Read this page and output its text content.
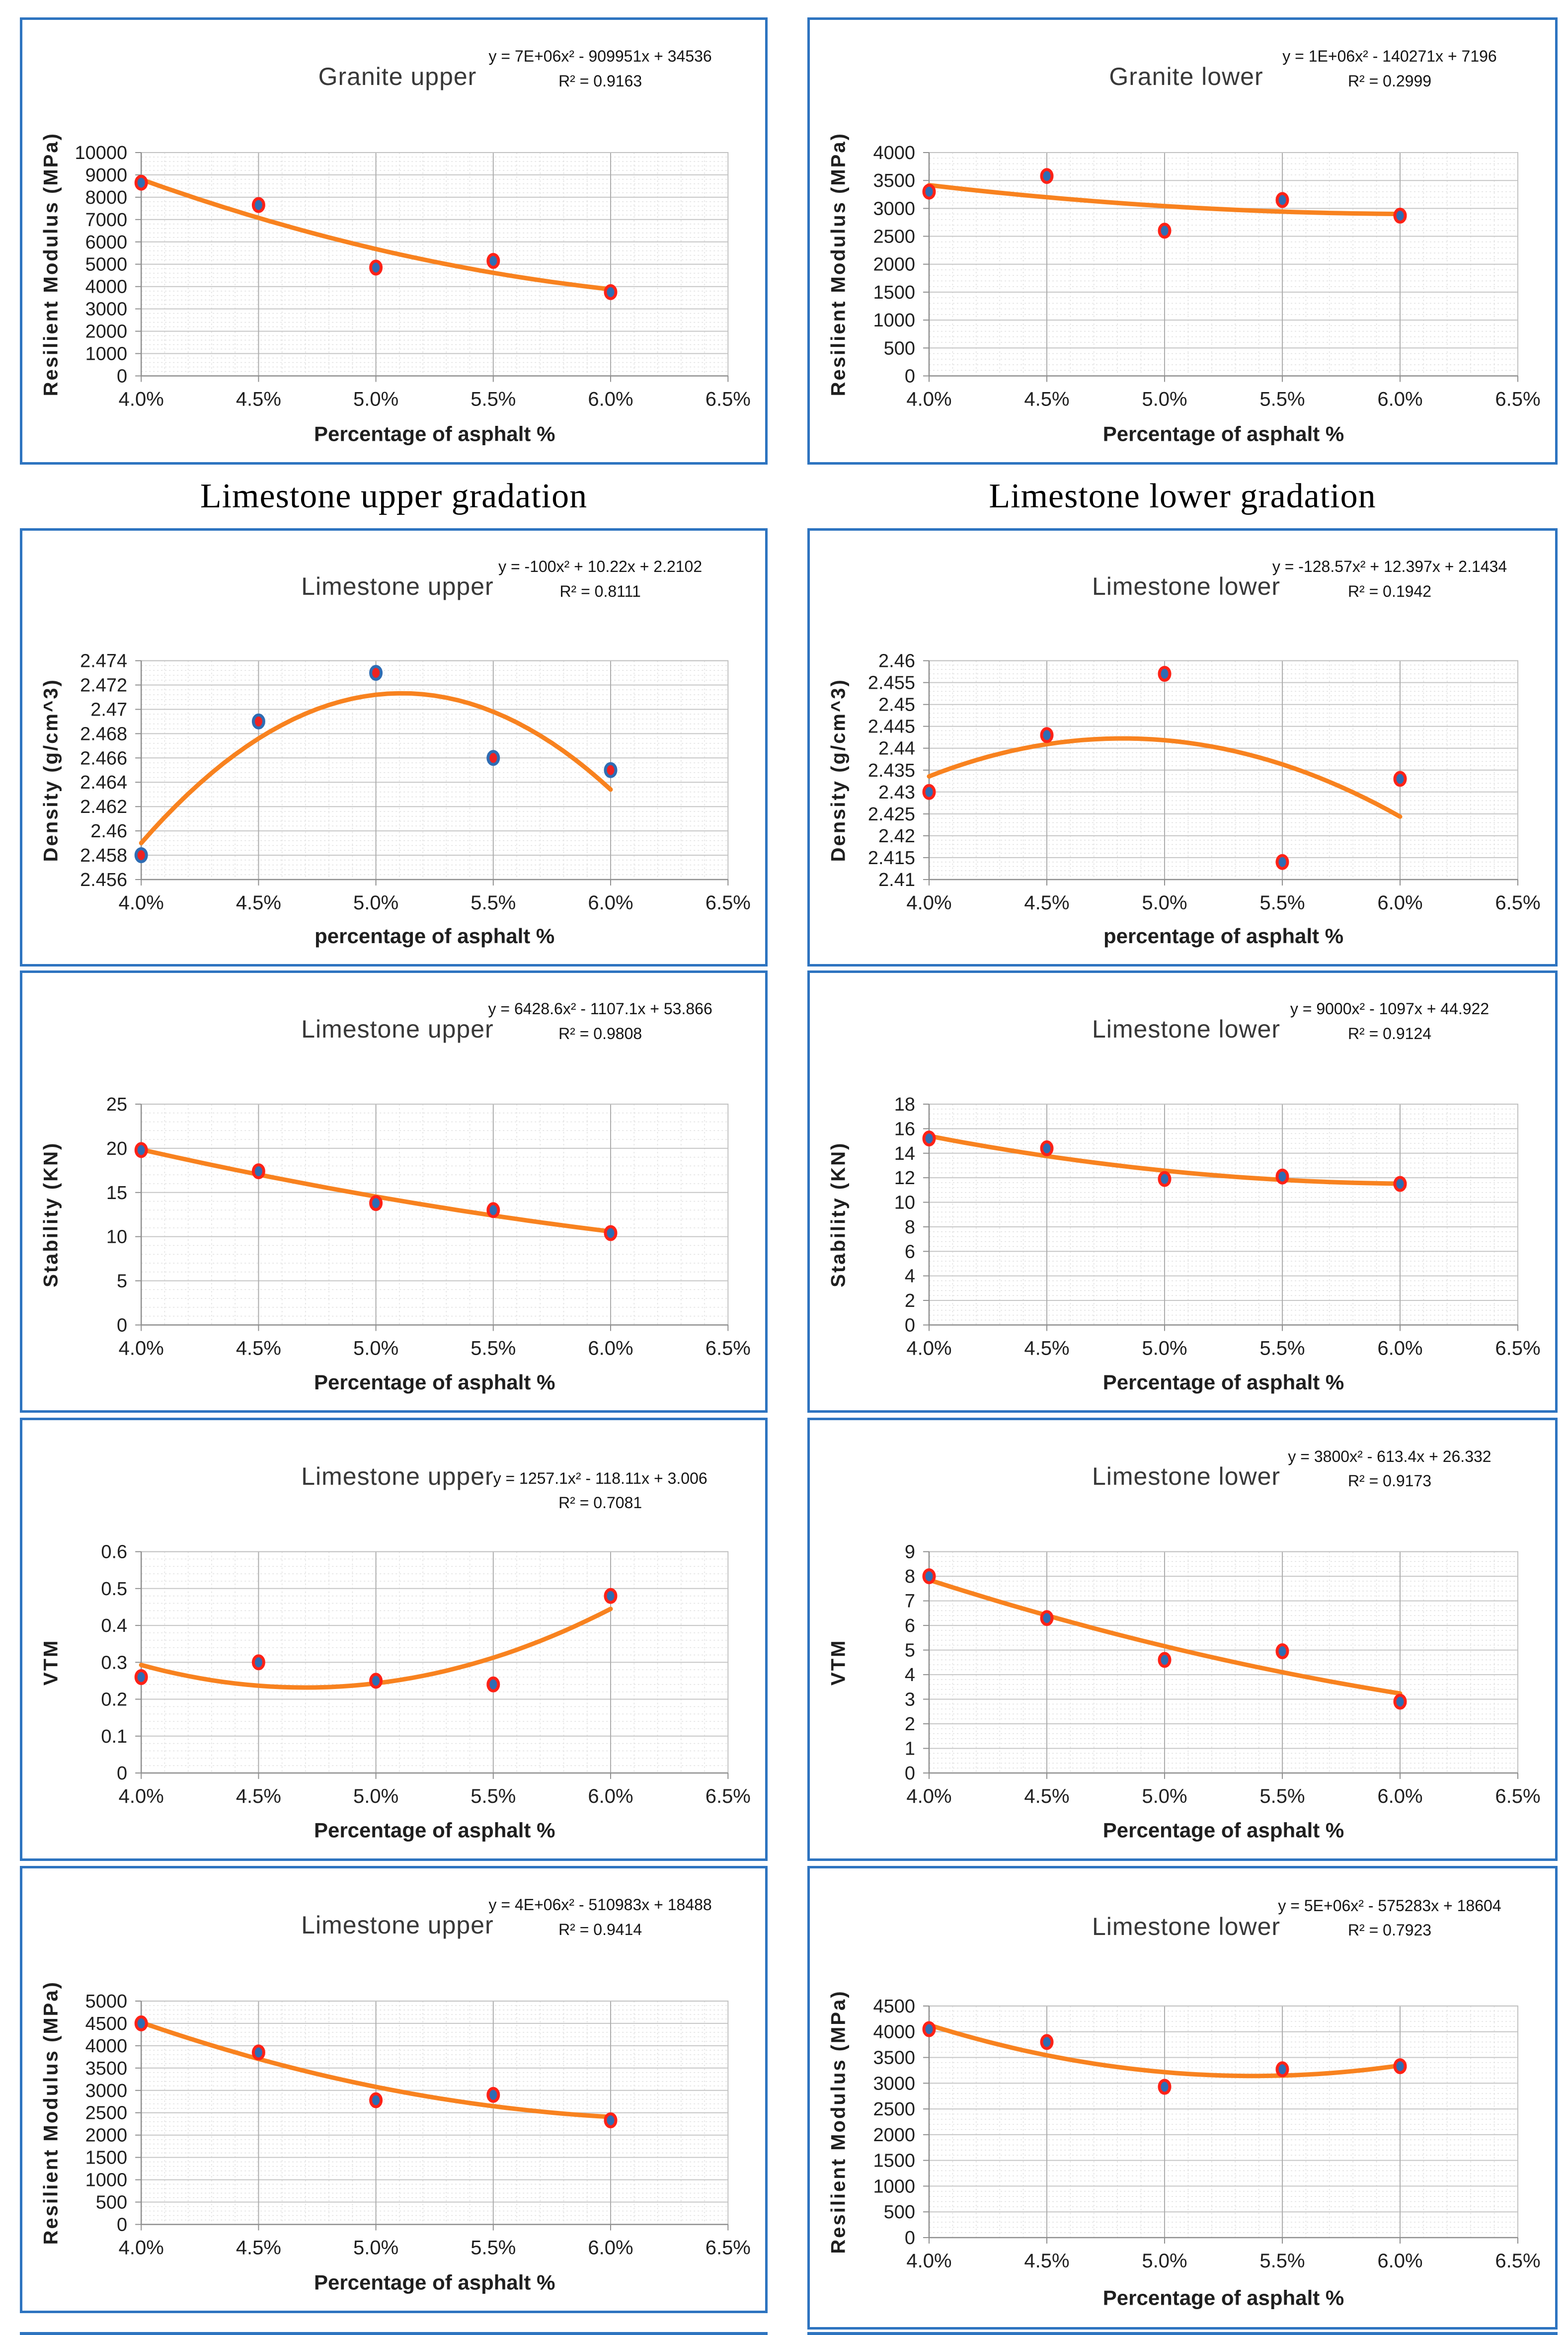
Granite upper
y = 7E+06x² - 909951x + 34536
R² = 0.9163
0
1000
2000
3000
4000
5000
6000
7000
8000
9000
10000
4.0%	4.5%	5.0%	5.5%	6.0%	6.5%
Resilient Modulus (MPa)
Percentage of asphalt %
Granite lower
y = 1E+06x² - 140271x + 7196
R² = 0.2999
0
500
1000
1500
2000
2500
3000
3500
4000
4.0%	4.5%	5.0%	5.5%	6.0%	6.5%
Resilient Modulus (MPa)
Percentage of asphalt %
Limestone upper gradation	Limestone lower gradation
Limestone upper
y = -100x² + 10.22x + 2.2102
R² = 0.8111
2.456
2.458
2.46
2.462
2.464
2.466
2.468
2.47
2.472
2.474
4.0%	4.5%	5.0%	5.5%	6.0%	6.5%
Density (g/cm^3)
percentage of asphalt %
Limestone lower
y = -128.57x² + 12.397x + 2.1434
R² = 0.1942
2.41
2.415
2.42
2.425
2.43
2.435
2.44
2.445
2.45
2.455
2.46
4.0%	4.5%	5.0%	5.5%	6.0%	6.5%
Density (g/cm^3)
percentage of asphalt %
Limestone upper
y = 6428.6x² - 1107.1x + 53.866
R² = 0.9808
0
5
10
15
20
25
4.0%	4.5%	5.0%	5.5%	6.0%	6.5%
Stability (KN)
Percentage of asphalt %
Limestone lower
y = 9000x² - 1097x + 44.922
R² = 0.9124
0
2
4
6
8
10
12
14
16
18
4.0%	4.5%	5.0%	5.5%	6.0%	6.5%
Stability (KN)
Percentage of asphalt %
Limestone upper
y = 1257.1x² - 118.11x + 3.006
R² = 0.7081
0
0.1
0.2
0.3
0.4
0.5
0.6
4.0%	4.5%	5.0%	5.5%	6.0%	6.5%
VTM
Percentage of asphalt %
Limestone lower
y = 3800x² - 613.4x + 26.332
R² = 0.9173
0
1
2
3
4
5
6
7
8
9
4.0%	4.5%	5.0%	5.5%	6.0%	6.5%
VTM
Percentage of asphalt %
Limestone upper
y = 4E+06x² - 510983x + 18488
R² = 0.9414
0
500
1000
1500
2000
2500
3000
3500
4000
4500
5000
4.0%	4.5%	5.0%	5.5%	6.0%	6.5%
Resilient Modulus (MPa)
Percentage of asphalt %
Limestone lower
y = 5E+06x² - 575283x + 18604
R² = 0.7923
0
500
1000
1500
2000
2500
3000
3500
4000
4500
4.0%	4.5%	5.0%	5.5%	6.0%	6.5%
Resilient Modulus (MPa)
Percentage of asphalt %
